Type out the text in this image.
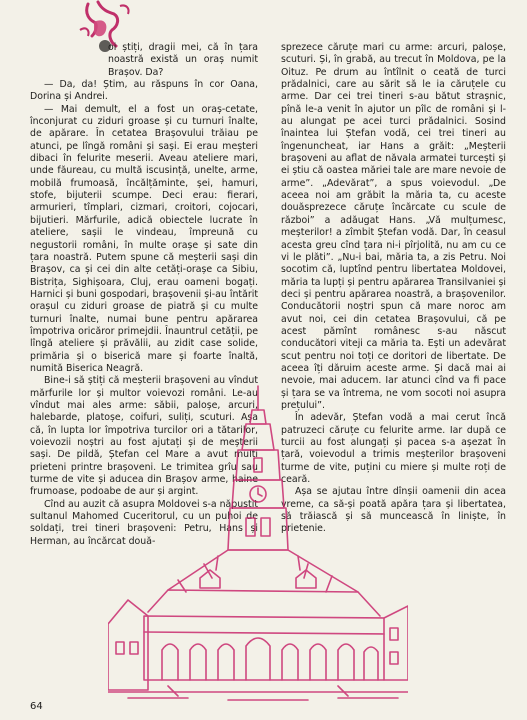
oi știți, dragii mei, că în țara noastră există un oraș numit Brașov. Da?

— Da, da! Știm, au răspuns în cor Oana, Dorina și Andrei.

— Mai demult, el a fost un oraș-cetate, înconjurat cu ziduri groase și cu turnuri înalte, de apărare. În cetatea Brașovului trăiau pe atunci, pe lîngă români și sași. Ei erau meșteri dibaci în felurite meserii. Aveau ateliere mari, unde făureau, cu multă iscusință, unelte, arme, mobilă frumoasă, încălțăminte, șei, hamuri, stofe, bijuterii scumpe. Deci erau: fierari, armurieri, tîmplari, cizmari, croitori, cojocari, bijutieri. Mărfurile, adică obiectele lucrate în ateliere, sașii le vindeau, împreună cu negustorii români, în multe orașe și sate din țara noastră. Putem spune că meșterii sași din Brașov, ca și cei din alte cetăți-orașe ca Sibiu, Bistrița, Sighișoara, Cluj, erau oameni bogați. Harnici și buni gospodari, brașovenii și-au întărit orașul cu ziduri groase de piatră și cu multe turnuri înalte, numai bune pentru apărarea împotriva oricăror primejdii. Înauntrul cetății, pe lîngă ateliere și prăvălii, au zidit case solide, primăria și o biserică mare și foarte înaltă, numită Biserica Neagră.

Bine-i să știți că meșterii brașoveni au vîndut mărfurile lor și multor voievozi români. Le-au vîndut mai ales arme: săbii, paloșe, arcuri, halebarde, platoșe, coifuri, suliți, scuturi. Așa că, în lupta lor împotriva turcilor ori a tătarilor, voievozii noștri au fost ajutați și de meșterii sași. De pildă, Ștefan cel Mare a avut mulți prieteni printre brașoveni. Le trimitea grîu sau turme de vite și aducea din Brașov arme, haine frumoase, podoabe de aur și argint.

Cînd au auzit că asupra Moldovei s-a năpustit sultanul Mahomed Cuceritorul, cu un puhoi de soldați, trei tineri brașoveni: Petru, Hans și Herman, au încărcat două-

sprezece căruțe mari cu arme: arcuri, paloșe, scuturi. Și, în grabă, au trecut în Moldova, pe la Oituz. Pe drum au întîlnit o ceată de turci prădalnici, care au sărit să le ia căruțele cu arme. Dar cei trei tineri s-au bătut strașnic, pînă le-a venit în ajutor un pîlc de români și l-au alungat pe acei turci prădalnici. Sosind înaintea lui Ștefan vodă, cei trei tineri au îngenuncheat, iar Hans a grăit: „Meșterii brașoveni au aflat de năvala armatei turcești și ei știu că oastea măriei tale are mare nevoie de arme”. „Adevărat”, a spus voievodul. „De aceea noi am grăbit la măria ta, cu aceste douăsprezece căruțe încărcate cu scule de război” a adăugat Hans. „Vă mulțumesc, meșterilor! a zîmbit Ștefan vodă. Dar, în ceasul acesta greu cînd țara ni-i pîrjolită, nu am cu ce vi le plăti”. „Nu-i bai, măria ta, a zis Petru. Noi socotim că, luptînd pentru libertatea Moldovei, măria ta lupți și pentru apărarea Transilvaniei și deci și pentru apărarea noastră, a brașovenilor. Conducătorii noștri spun că mare noroc am avut noi, cei din cetatea Brașovului, că pe acest pămînt românesc s-au născut conducători viteji ca măria ta. Ești un adevărat scut pentru noi toți ce doritori de libertate. De aceea îți dăruim aceste arme. Și dacă mai ai nevoie, mai aducem. Iar atunci cînd va fi pace și țara se va întrema, ne vom socoti noi asupra prețului”.

În adevăr, Ștefan vodă a mai cerut încă patruzeci căruțe cu felurite arme. Iar după ce turcii au fost alungați și pacea s-a așezat în țară, voievodul a trimis meșterilor brașoveni turme de vite, puțini cu miere și multe roți de ceară.

Așa se ajutau între dînșii oamenii din acea vreme, ca să-și poată apăra țara și libertatea, să trăiască și să muncească în liniște, în prietenie.

64
